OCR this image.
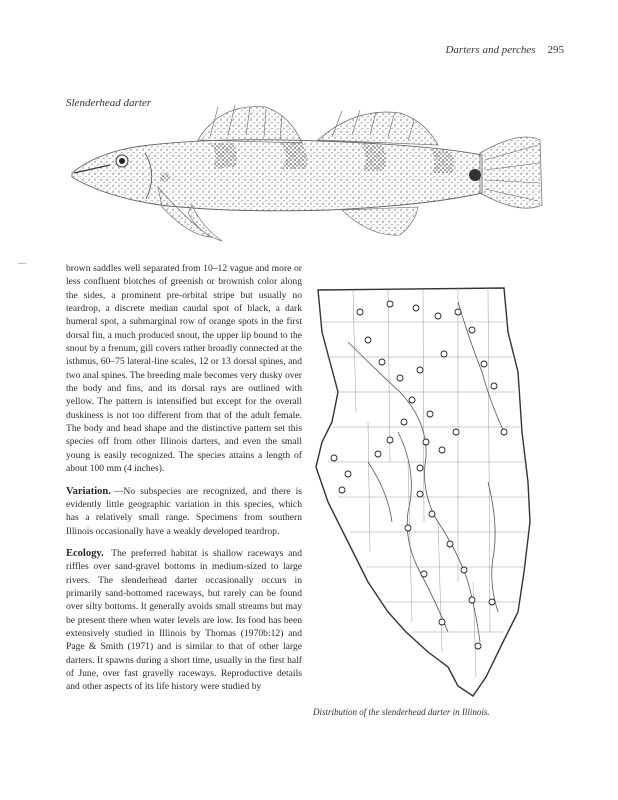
Darters and perches 295
Slenderhead darter
—

brown saddles well separated from 10–12 vague and more or less confluent blotches of greenish or brownish color along the sides, a prominent pre-orbital stripe but usually no teardrop, a discrete median caudal spot of black, a dark humeral spot, a submarginal row of orange spots in the first dorsal fin, a much produced snout, the upper lip bound to the snout by a frenum, gill covers rather broadly connected at the isthmus, 60–75 lateral-line scales, 12 or 13 dorsal spines, and two anal spines. The breeding male becomes very dusky over the body and fins, and its dorsal rays are outlined with yellow. The pattern is intensified but except for the overall duskiness is not too different from that of the adult female. The body and head shape and the distinctive pattern set this species off from other Illinois darters, and even the small young is easily recognized. The species attains a length of about 100 mm (4 inches).

Variation. —No subspecies are recognized, and there is evidently little geographic variation in this species, which has a relatively small range. Specimens from southern Illinois occasionally have a weakly developed teardrop.

Ecology. The preferred habitat is shallow raceways and riffles over sand-gravel bottoms in medium-sized to large rivers. The slenderhead darter occasionally occurs in primarily sand-bottomed raceways, but rarely can be found over silty bottoms. It generally avoids small streams but may be present there when water levels are low. Its food has been extensively studied in Illinois by Thomas (1970b:12) and Page & Smith (1971) and is similar to that of other large darters. It spawns during a short time, usually in the first half of June, over fast gravelly raceways. Reproductive details and other aspects of its life history were studied by

Distribution of the slenderhead darter in Illinois.
